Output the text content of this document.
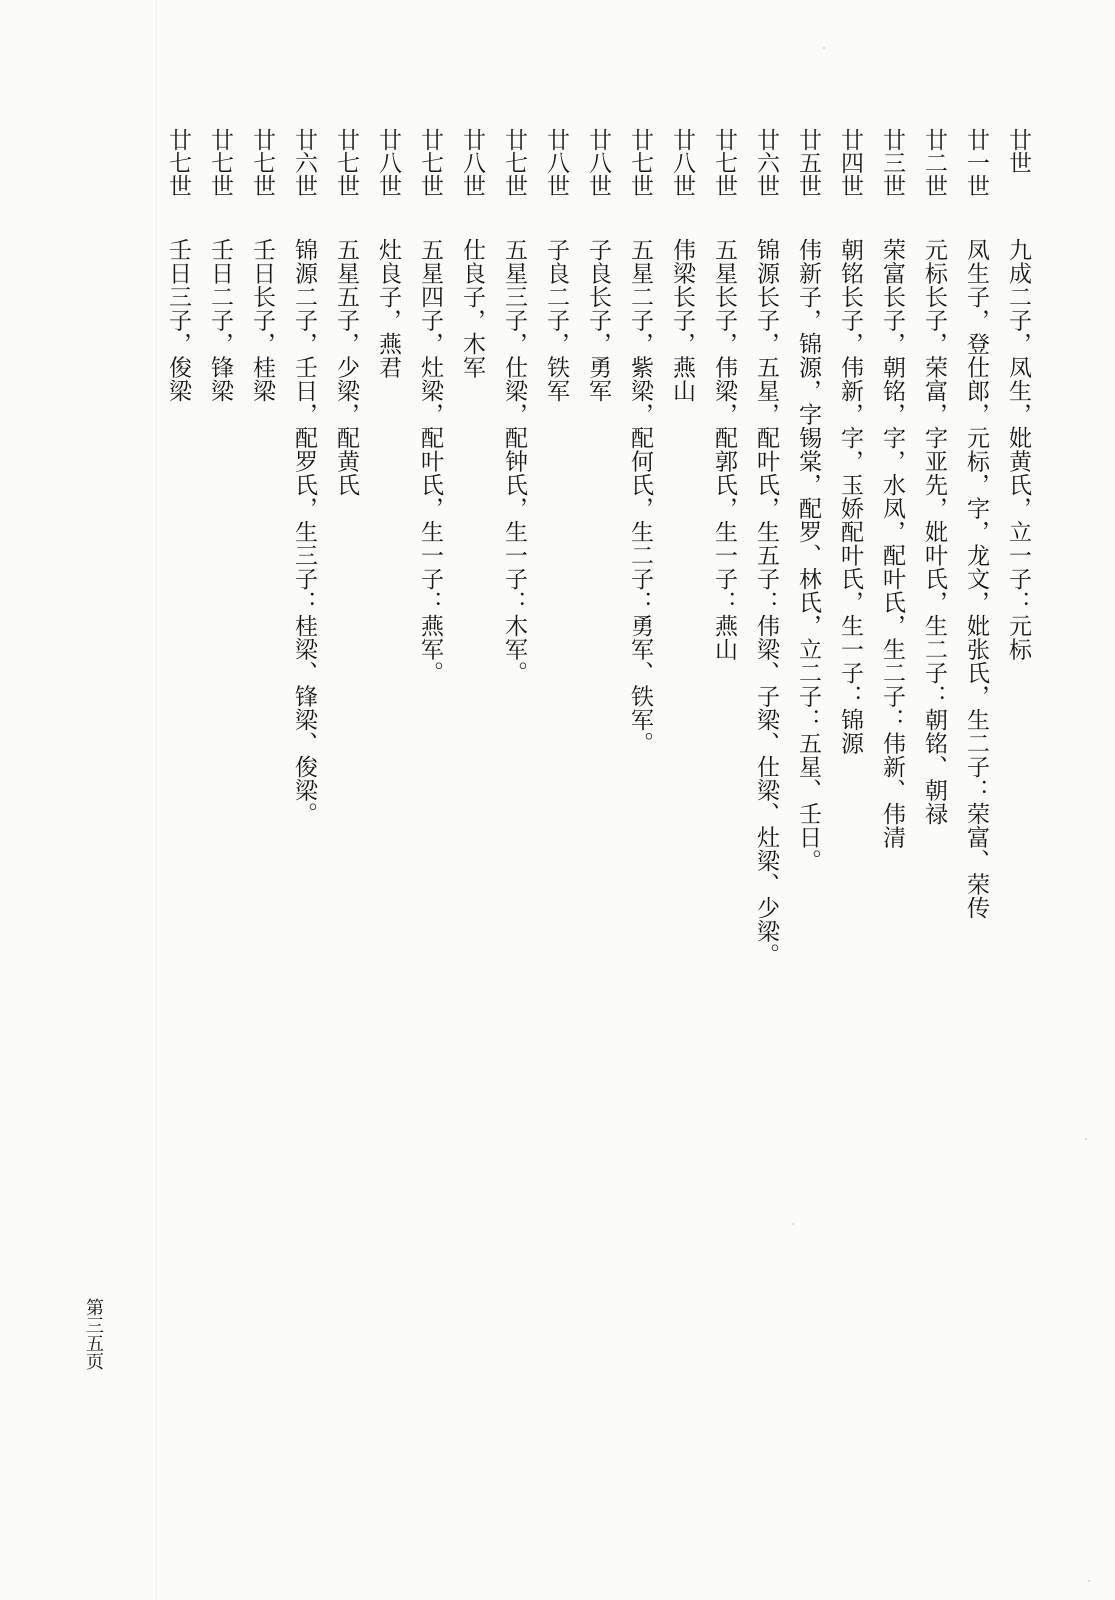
廿世
九成二子，凤生，妣黄氏，立一子：元标
廿一世
凤生子，登仕郎，元标，字，龙文，妣张氏，生二子：荣富、荣传
廿二世
元标长子，荣富，字亚先，妣叶氏，生二子：朝铭、朝禄
廿三世
荣富长子，朝铭，字，水凤，配叶氏，生二子：伟新、伟清
廿四世
朝铭长子，伟新，字，玉娇配叶氏，生一子：锦源
廿五世
伟新子，锦源，字锡棠，配罗、林氏，立二子：五星、壬日。
廿六世
锦源长子，五星，配叶氏，生五子：伟梁、子梁、仕梁、灶梁、少梁。
廿七世
五星长子，伟梁，配郭氏，生一子：燕山
廿八世
伟梁长子，燕山
廿七世
五星二子，紫梁，配何氏，生二子：勇军、铁军。
廿八世
子良长子，勇军
廿八世
子良二子，铁军
廿七世
五星三子，仕梁，配钟氏，生一子：木军。
廿八世
仕良子，木军
廿七世
五星四子，灶梁，配叶氏，生一子：燕军。
廿八世
灶良子，燕君
廿七世
五星五子，少梁，配黄氏
廿六世
锦源二子，壬日，配罗氏，生三子：桂梁、锋梁、俊梁。
廿七世
壬日长子，桂梁
廿七世
壬日二子，锋梁
廿七世
壬日三子，俊梁
第三五页
